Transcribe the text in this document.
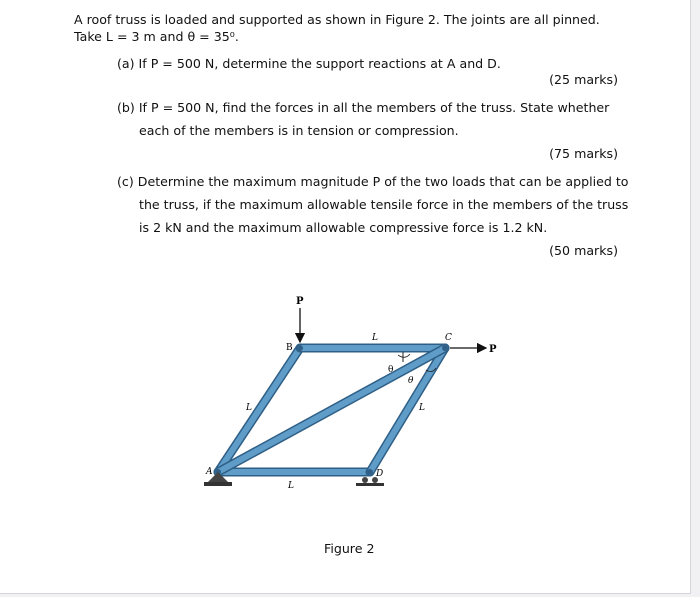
A roof truss is loaded and supported as shown in Figure 2. The joints are all pinned.
Take L = 3 m and θ = 35⁰.
(a) If P = 500 N, determine the support reactions at A and D.
(25 marks)
(b) If P = 500 N, find the forces in all the members of the truss. State whether
each of the members is in tension or compression.
(75 marks)
(c) Determine the maximum magnitude P of the two loads that can be applied to
the truss, if the maximum allowable tensile force in the members of the truss
is 2 kN and the maximum allowable compressive force is 1.2 kN.
(50 marks)
P
P
B
C
A	D
L
L
L
L
θ
θ
Figure 2
